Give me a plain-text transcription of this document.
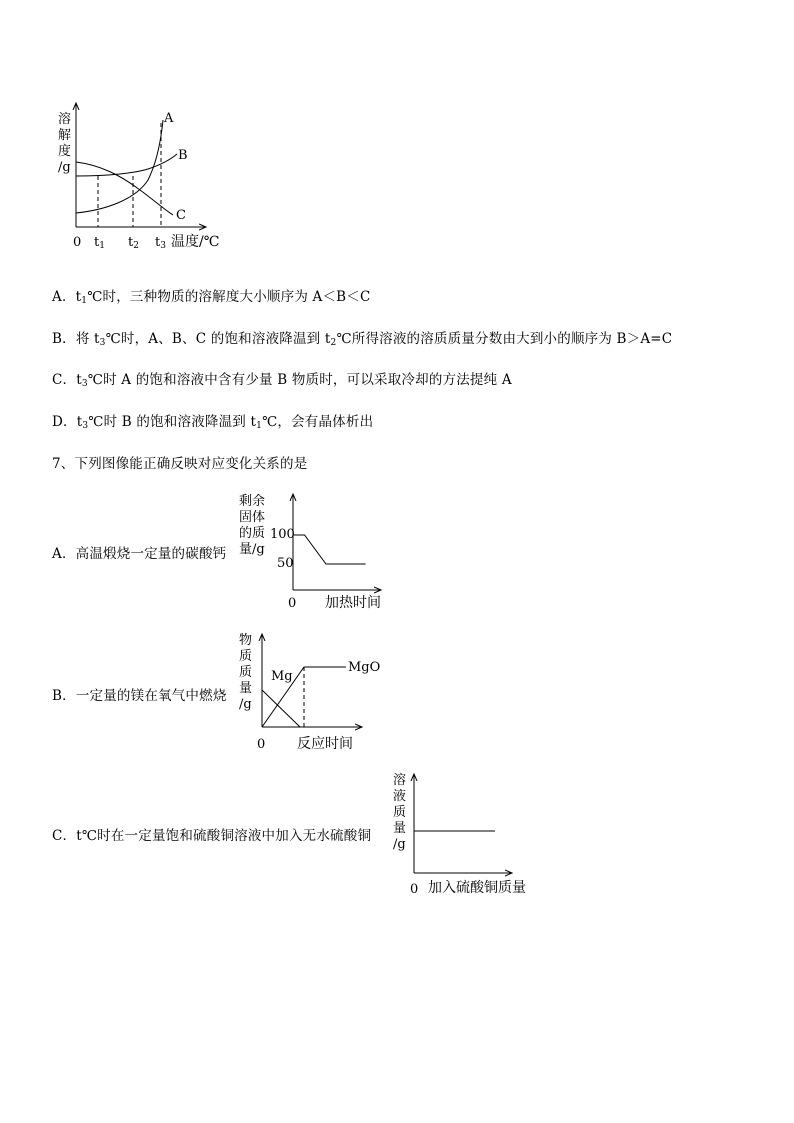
溶
解
度
/g
A
B
C
0 $t_1$ $t_2$ $t_3$ 温度/℃
A．$t_1℃$时，三种物质的溶解度大小顺序为 A＜B＜C
B．将 $t_3℃$时，A、B、C 的饱和溶液降温到 $t_2℃$所得溶液的溶质质量分数由大到小的顺序为 B＞A=C
C．$t_3℃$时 A 的饱和溶液中含有少量 B 物质时，可以采取冷却的方法提纯 A
D．$t_3℃$时 B 的饱和溶液降温到 $t_1℃$，会有晶体析出
7、下列图像能正确反映对应变化关系的是
A．高温煅烧一定量的碳酸钙
剩余
固体
的质
量/g
100
50
0 加热时间
B．一定量的镁在氧气中燃烧
物
质
质
量
/g
Mg
MgO
0 反应时间
C．t℃时在一定量饱和硫酸铜溶液中加入无水硫酸铜
溶
液
质
量
/g
0 加入硫酸铜质量
